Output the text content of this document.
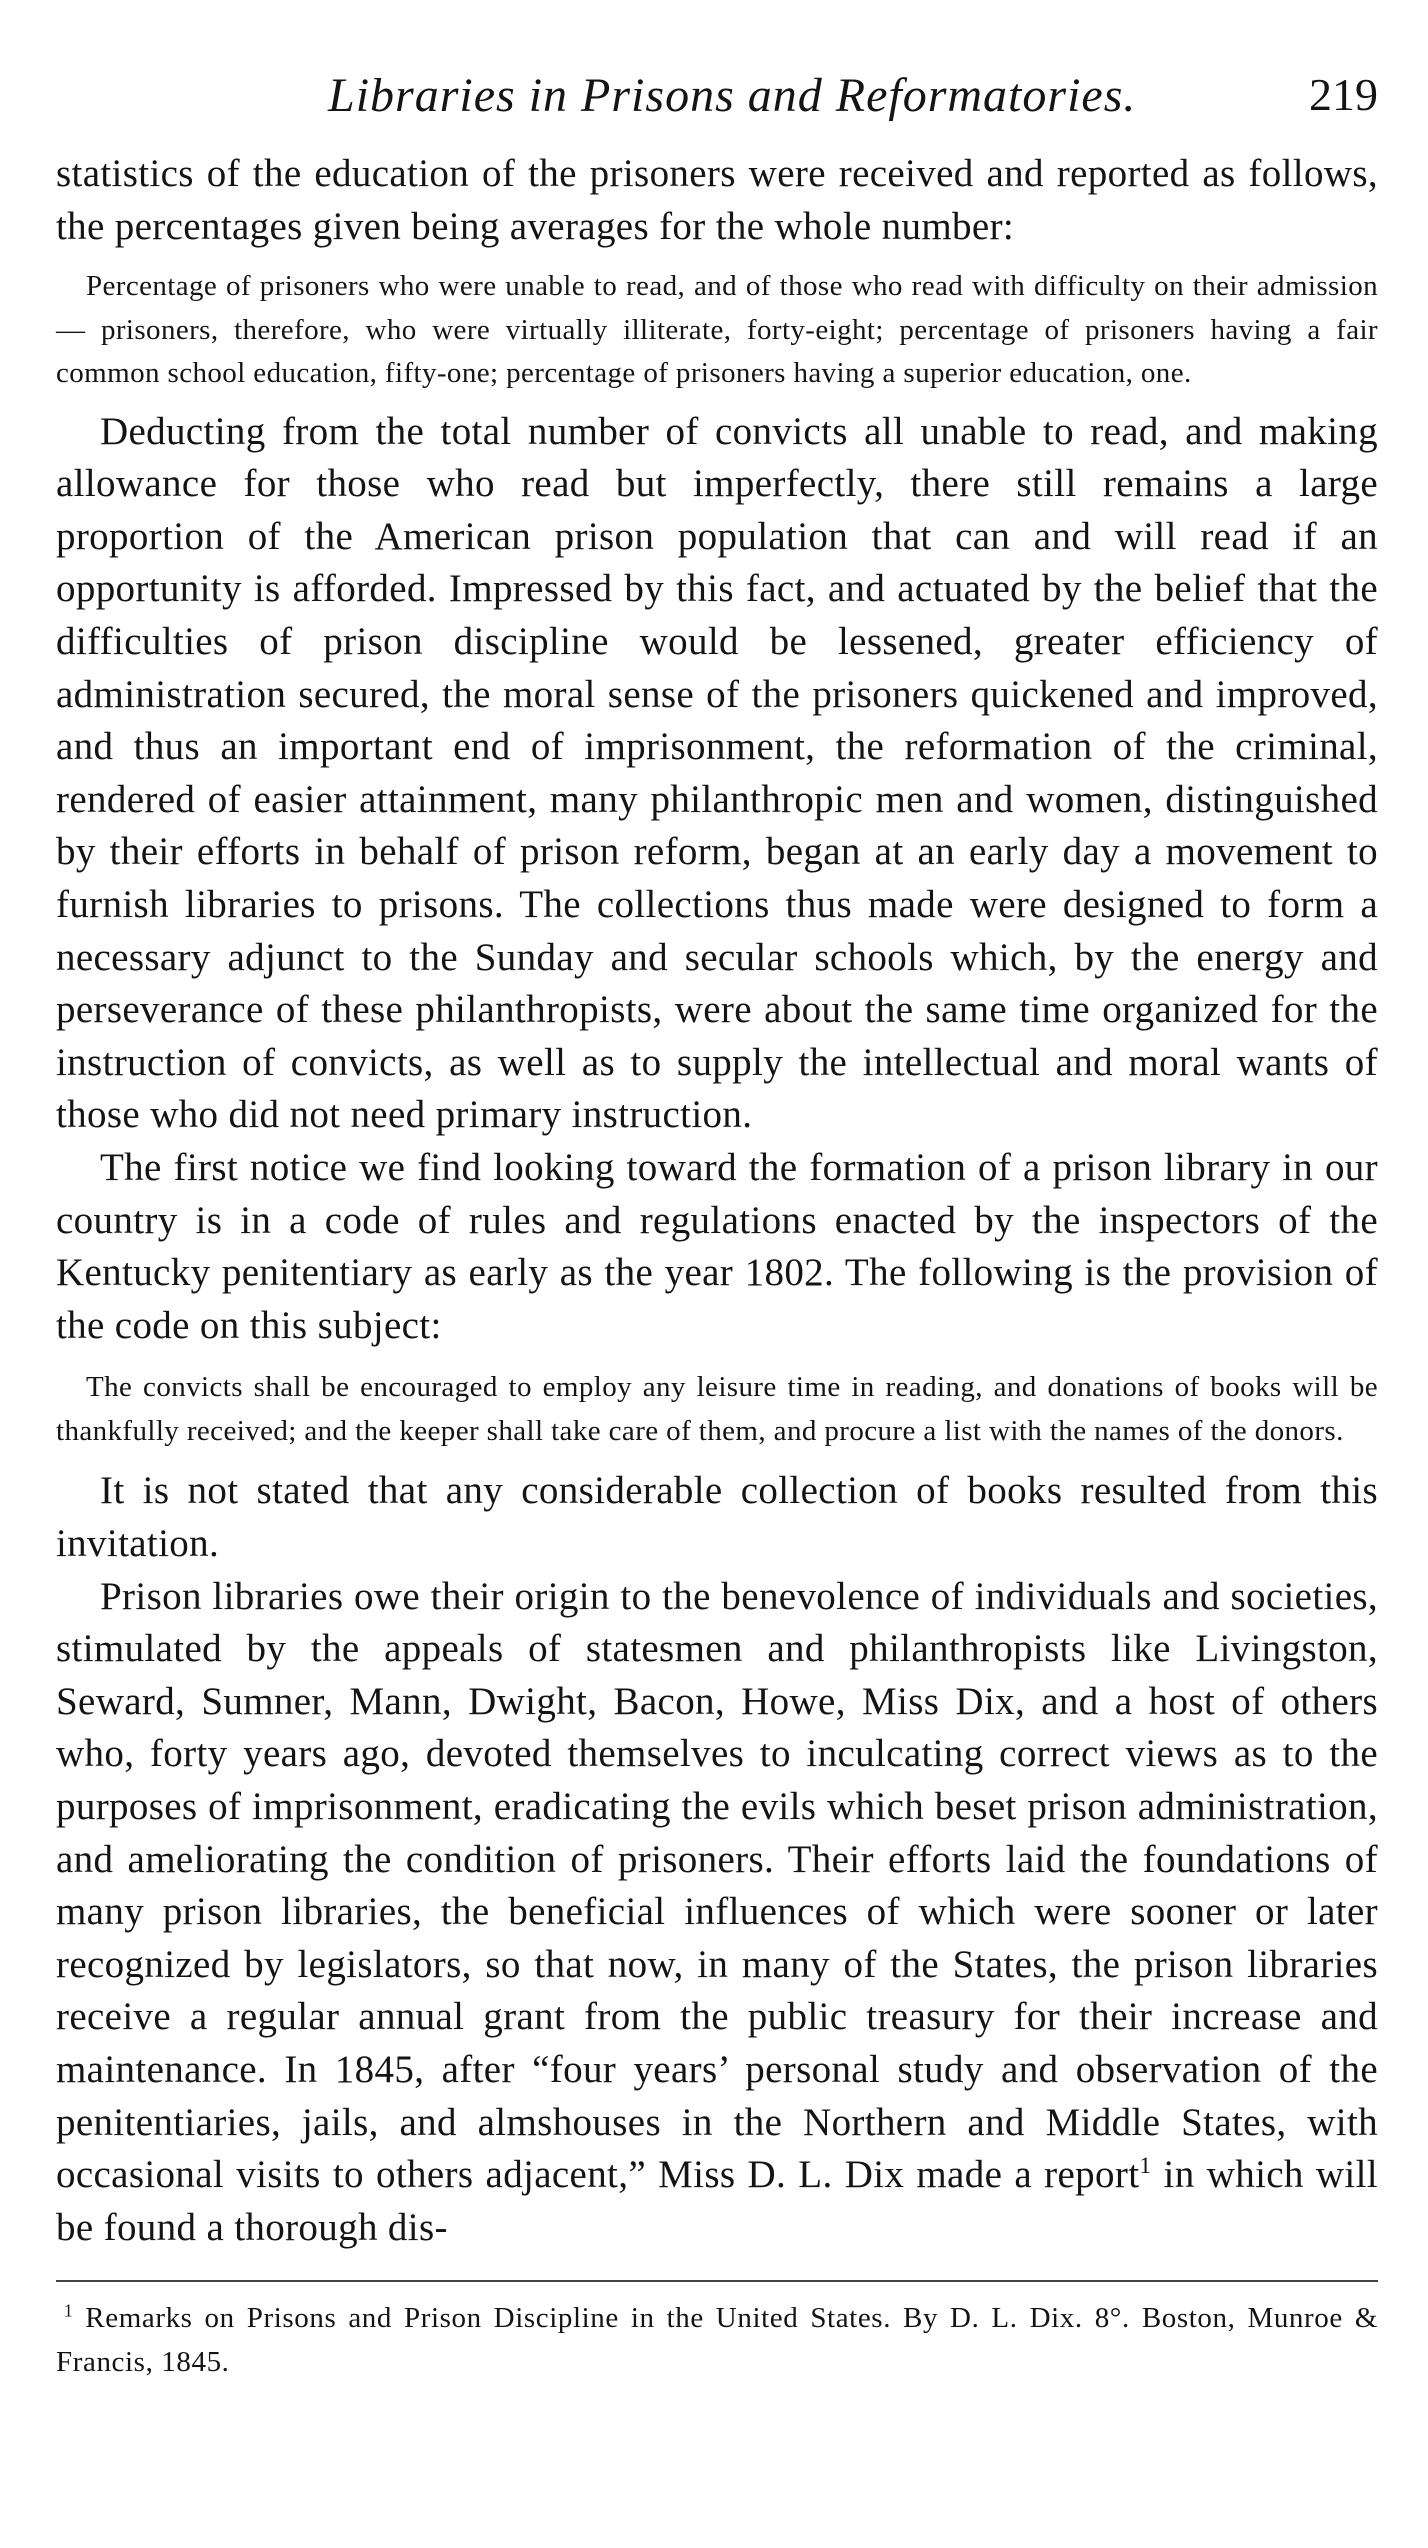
Libraries in Prisons and Reformatories.	219

statistics of the education of the prisoners were received and reported as follows, the percentages given being averages for the whole number:

Percentage of prisoners who were unable to read, and of those who read with difficulty on their admission — prisoners, therefore, who were virtually illiterate, forty-eight; percentage of prisoners having a fair common school education, fifty-one; percentage of prisoners having a superior education, one.

Deducting from the total number of convicts all unable to read, and making allowance for those who read but imperfectly, there still remains a large proportion of the American prison population that can and will read if an opportunity is afforded. Impressed by this fact, and actuated by the belief that the difficulties of prison discipline would be lessened, greater efficiency of administration secured, the moral sense of the prisoners quickened and improved, and thus an important end of imprisonment, the reformation of the criminal, rendered of easier attainment, many philanthropic men and women, distinguished by their efforts in behalf of prison reform, began at an early day a movement to furnish libraries to prisons. The collections thus made were designed to form a necessary adjunct to the Sunday and secular schools which, by the energy and perseverance of these philanthropists, were about the same time organized for the instruction of convicts, as well as to supply the intellectual and moral wants of those who did not need primary instruction.

The first notice we find looking toward the formation of a prison library in our country is in a code of rules and regulations enacted by the inspectors of the Kentucky penitentiary as early as the year 1802. The following is the provision of the code on this subject:

The convicts shall be encouraged to employ any leisure time in reading, and donations of books will be thankfully received; and the keeper shall take care of them, and procure a list with the names of the donors.

It is not stated that any considerable collection of books resulted from this invitation.

Prison libraries owe their origin to the benevolence of individuals and societies, stimulated by the appeals of statesmen and philanthropists like Livingston, Seward, Sumner, Mann, Dwight, Bacon, Howe, Miss Dix, and a host of others who, forty years ago, devoted themselves to inculcating correct views as to the purposes of imprisonment, eradicating the evils which beset prison administration, and ameliorating the condition of prisoners. Their efforts laid the foundations of many prison libraries, the beneficial influences of which were sooner or later recognized by legislators, so that now, in many of the States, the prison libraries receive a regular annual grant from the public treasury for their increase and maintenance. In 1845, after “four years’ personal study and observation of the penitentiaries, jails, and almshouses in the Northern and Middle States, with occasional visits to others adjacent,” Miss D. L. Dix made a report$^1$ in which will be found a thorough dis-

$^1$ Remarks on Prisons and Prison Discipline in the United States. By D. L. Dix. 8°. Boston, Munroe & Francis, 1845.
